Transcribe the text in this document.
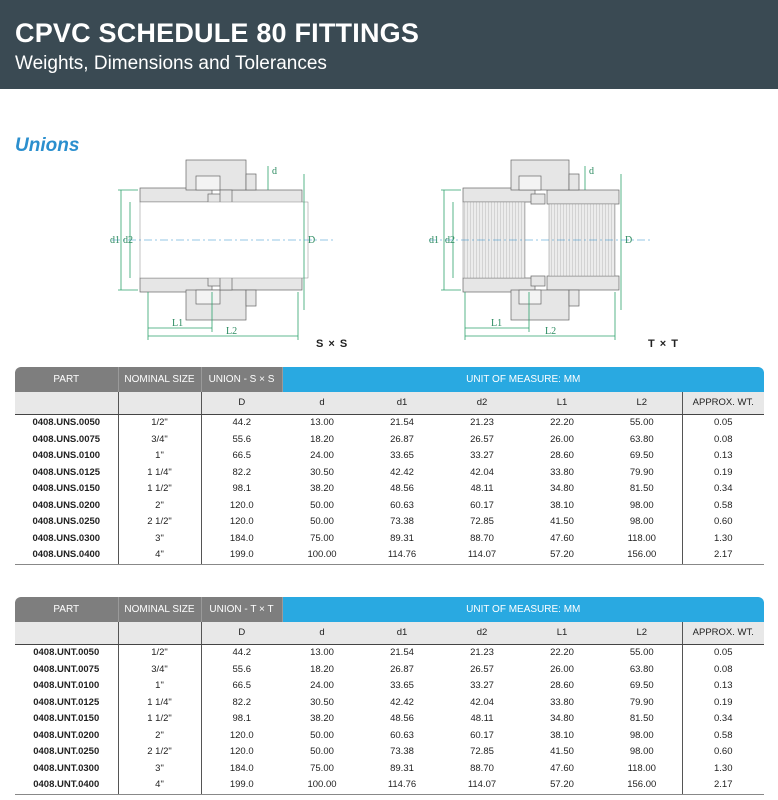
CPVC SCHEDULE 80 FITTINGS
Weights, Dimensions and Tolerances
Unions
d
d1 d2	D
L1
L2
S × S
d
d1 d2	D
L1
L2
T × T
PART	NOMINAL SIZE	UNION - S × S	UNIT OF MEASURE: MM					
		D	d	d1	d2	L1	L2	APPROX. WT.
0408.UNS.0050	1/2"	44.2	13.00	21.54	21.23	22.20	55.00	0.05
0408.UNS.0075	3/4"	55.6	18.20	26.87	26.57	26.00	63.80	0.08
0408.UNS.0100	1"	66.5	24.00	33.65	33.27	28.60	69.50	0.13
0408.UNS.0125	1 1/4"	82.2	30.50	42.42	42.04	33.80	79.90	0.19
0408.UNS.0150	1 1/2"	98.1	38.20	48.56	48.11	34.80	81.50	0.34
0408.UNS.0200	2"	120.0	50.00	60.63	60.17	38.10	98.00	0.58
0408.UNS.0250	2 1/2"	120.0	50.00	73.38	72.85	41.50	98.00	0.60
0408.UNS.0300	3"	184.0	75.00	89.31	88.70	47.60	118.00	1.30
0408.UNS.0400	4"	199.0	100.00	114.76	114.07	57.20	156.00	2.17
PART	NOMINAL SIZE	UNION - T × T	UNIT OF MEASURE: MM					
		D	d	d1	d2	L1	L2	APPROX. WT.
0408.UNT.0050	1/2"	44.2	13.00	21.54	21.23	22.20	55.00	0.05
0408.UNT.0075	3/4"	55.6	18.20	26.87	26.57	26.00	63.80	0.08
0408.UNT.0100	1"	66.5	24.00	33.65	33.27	28.60	69.50	0.13
0408.UNT.0125	1 1/4"	82.2	30.50	42.42	42.04	33.80	79.90	0.19
0408.UNT.0150	1 1/2"	98.1	38.20	48.56	48.11	34.80	81.50	0.34
0408.UNT.0200	2"	120.0	50.00	60.63	60.17	38.10	98.00	0.58
0408.UNT.0250	2 1/2"	120.0	50.00	73.38	72.85	41.50	98.00	0.60
0408.UNT.0300	3"	184.0	75.00	89.31	88.70	47.60	118.00	1.30
0408.UNT.0400	4"	199.0	100.00	114.76	114.07	57.20	156.00	2.17
